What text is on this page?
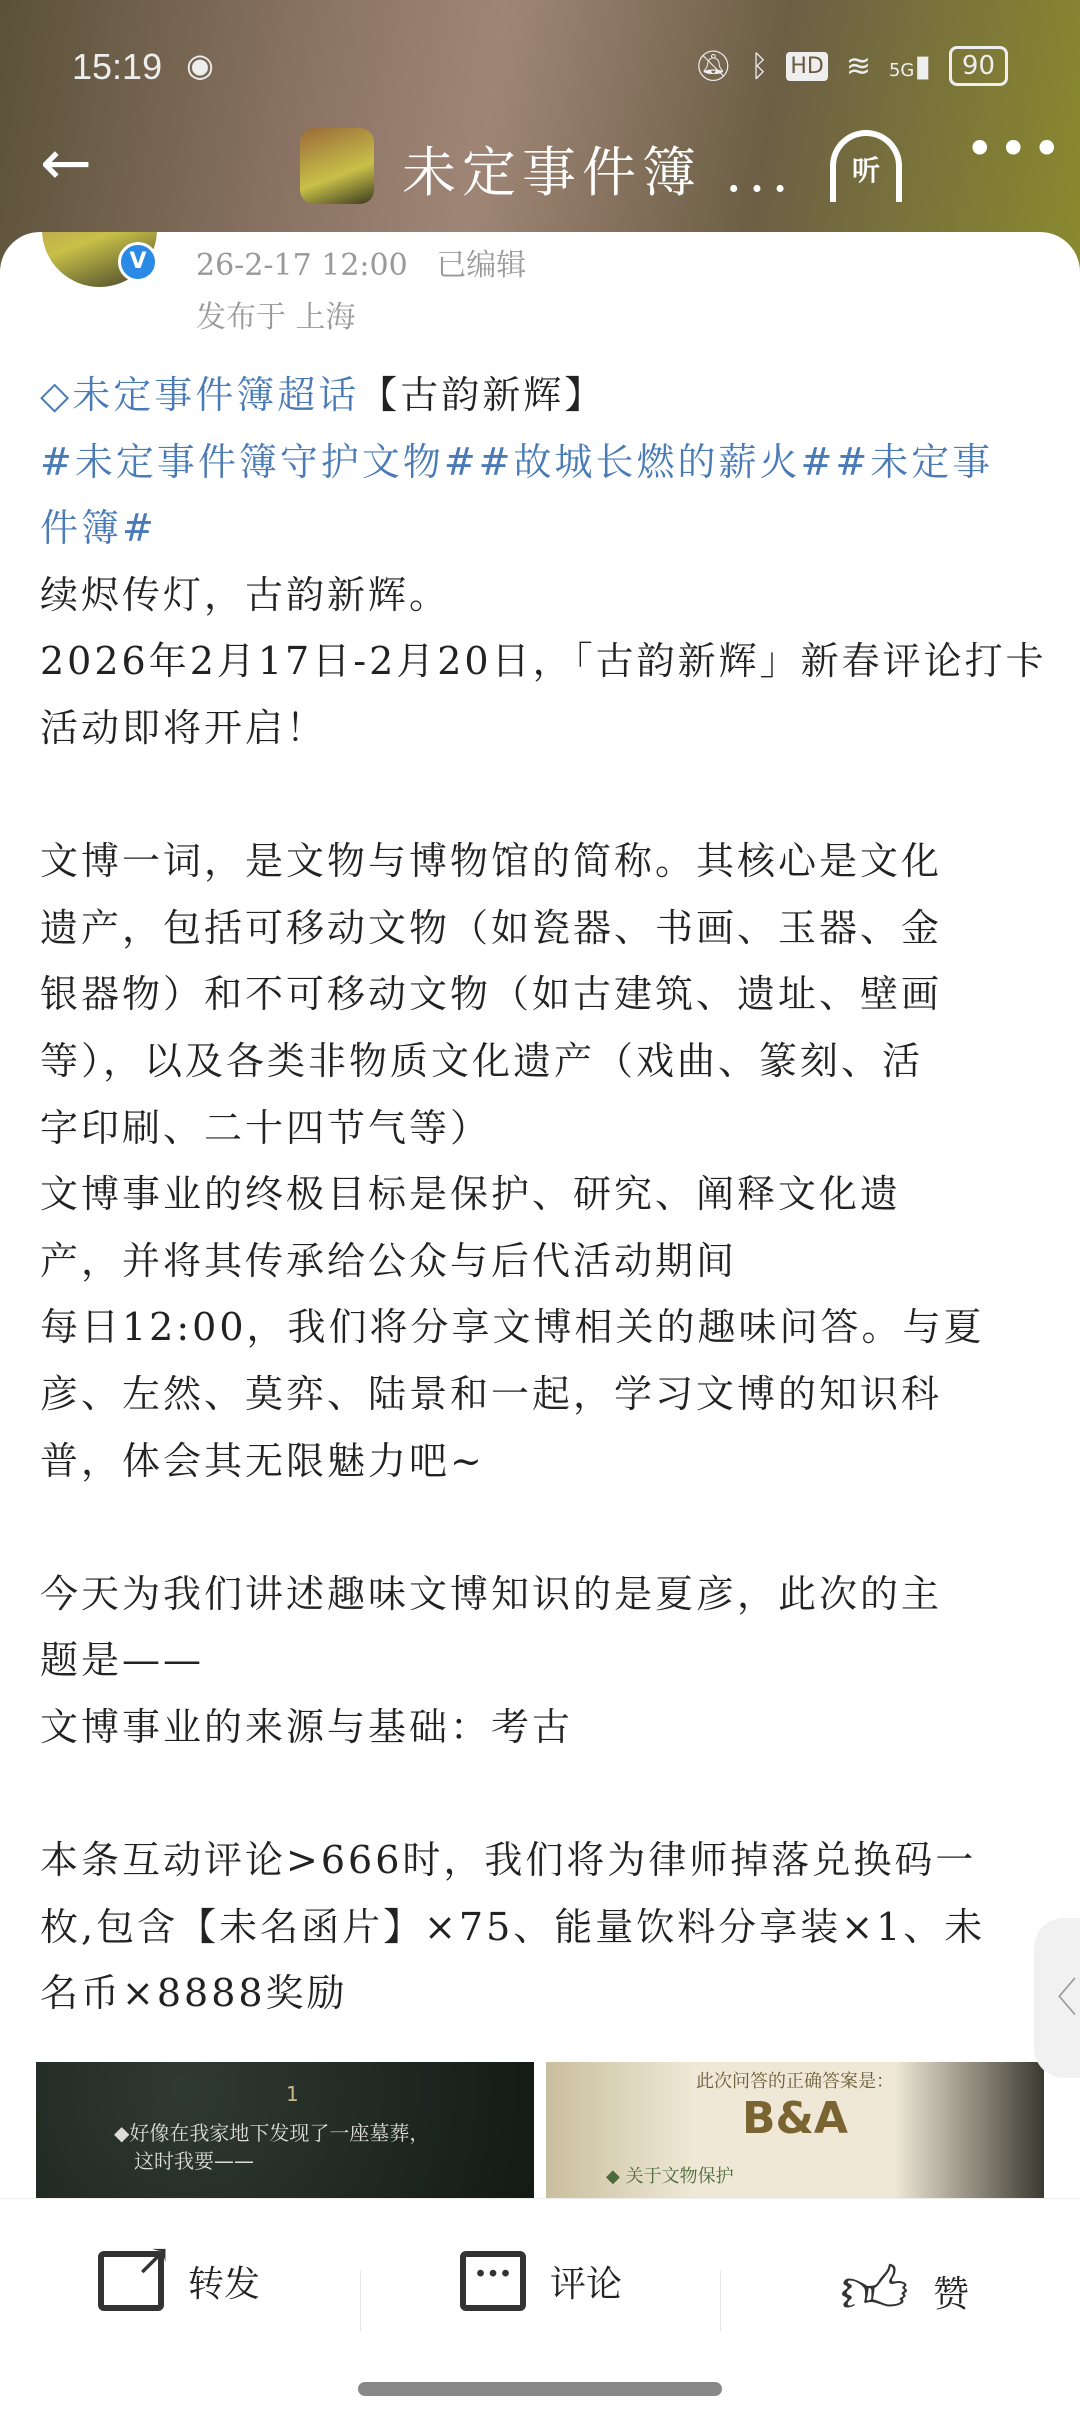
15:19 ◉	🔕︎ ᛒ HD ≋ 5G▮	90
←	未定事件簿 ...	听	•••
V	26-2-17 12:00 已编辑
发布于 上海
◇未定事件簿超话【古韵新辉】
#未定事件簿守护文物##故城长燃的薪火##未定事
件簿#
续烬传灯，古韵新辉。
2026年2月17日-2月20日，「古韵新辉」新春评论打卡
活动即将开启！
文博一词，是文物与博物馆的简称。其核心是文化
遗产，包括可移动文物（如瓷器、书画、玉器、金
银器物）和不可移动文物（如古建筑、遗址、壁画
等），以及各类非物质文化遗产（戏曲、篆刻、活
字印刷、二十四节气等）
文博事业的终极目标是保护、研究、阐释文化遗
产，并将其传承给公众与后代活动期间
每日12:00，我们将分享文博相关的趣味问答。与夏
彦、左然、莫弈、陆景和一起，学习文博的知识科
普，体会其无限魅力吧~
今天为我们讲述趣味文博知识的是夏彦，此次的主
题是——
文博事业的来源与基础：考古
本条互动评论>666时，我们将为律师掉落兑换码一
枚,包含【未名函片】×75、能量饮料分享装×1、未
名币×8888奖励
1
◆好像在我家地下发现了一座墓葬，
这时我要——
此次问答的正确答案是：
B&A
◆ 关于文物保护
〈
↗ 转发	···	评论	👍︎ 赞
